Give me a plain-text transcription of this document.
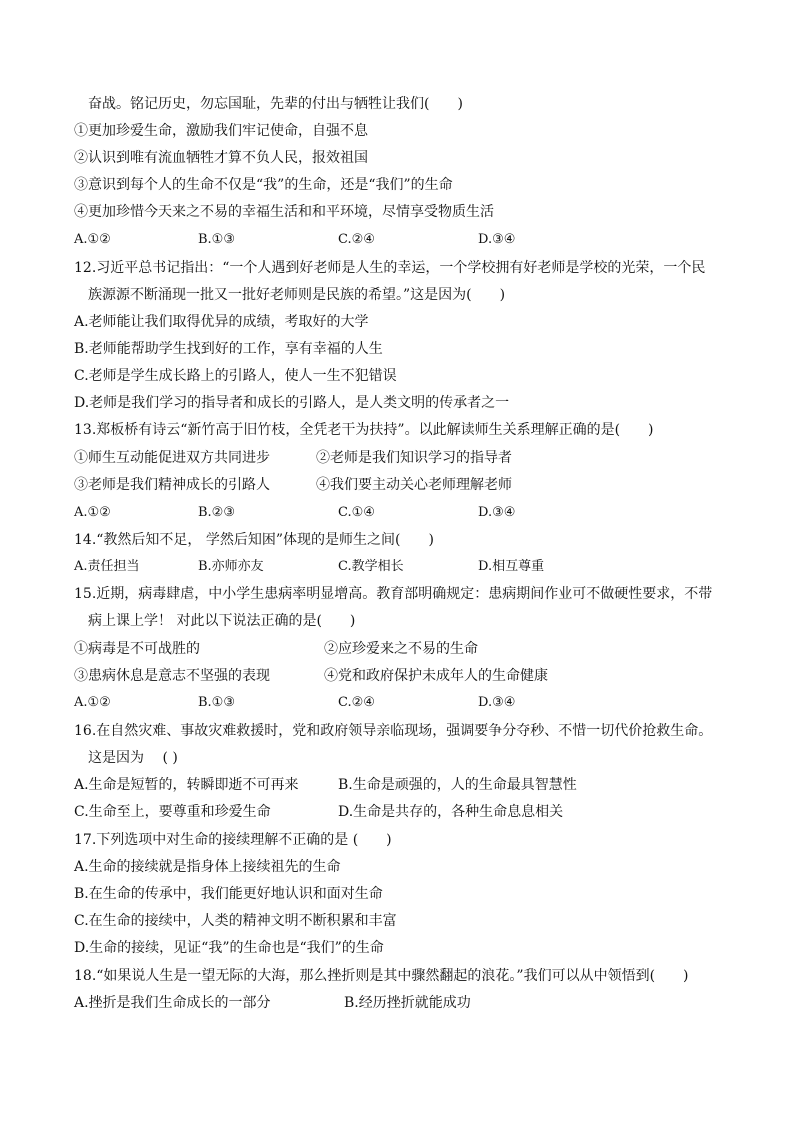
奋战。铭记历史，勿忘国耻，先辈的付出与牺牲让我们(　　)
①更加珍爱生命，激励我们牢记使命，自强不息
②认识到唯有流血牺牲才算不负人民，报效祖国
③意识到每个人的生命不仅是“我”的生命，还是“我们”的生命
④更加珍惜今天来之不易的幸福生活和和平环境，尽情享受物质生活
A.①②	B.①③	C.②④	D.③④
12.习近平总书记指出：“一个人遇到好老师是人生的幸运，一个学校拥有好老师是学校的光荣，一个民
族源源不断涌现一批又一批好老师则是民族的希望。”这是因为(　　)
A.老师能让我们取得优异的成绩，考取好的大学
B.老师能帮助学生找到好的工作，享有幸福的人生
C.老师是学生成长路上的引路人，使人一生不犯错误
D.老师是我们学习的指导者和成长的引路人，是人类文明的传承者之一
13.郑板桥有诗云“新竹高于旧竹枝，全凭老干为扶持”。以此解读师生关系理解正确的是(　　)
①师生互动能促进双方共同进步	②老师是我们知识学习的指导者
③老师是我们精神成长的引路人	④我们要主动关心老师理解老师
A.①②	B.②③	C.①④	D.③④
14.“教然后知不足， 学然后知困”体现的是师生之间(　　)
A.责任担当	B.亦师亦友	C.教学相长	D.相互尊重
15.近期，病毒肆虐，中小学生患病率明显增高。教育部明确规定：患病期间作业可不做硬性要求，不带
病上课上学！ 对此以下说法正确的是(　　)
①病毒是不可战胜的	②应珍爱来之不易的生命
③患病休息是意志不坚强的表现	④党和政府保护未成年人的生命健康
A.①②	B.①③	C.②④	D.③④
16.在自然灾难、事故灾难救援时，党和政府领导亲临现场，强调要争分夺秒、不惜一切代价抢救生命。
这是因为　 ( )
A.生命是短暂的，转瞬即逝不可再来	B.生命是顽强的，人的生命最具智慧性
C.生命至上，要尊重和珍爱生命	D.生命是共存的，各种生命息息相关
17.下列选项中对生命的接续理解不正确的是 (　　)
A.生命的接续就是指身体上接续祖先的生命
B.在生命的传承中，我们能更好地认识和面对生命
C.在生命的接续中，人类的精神文明不断积累和丰富
D.生命的接续，见证“我”的生命也是“我们”的生命
18.“如果说人生是一望无际的大海，那么挫折则是其中骤然翻起的浪花。”我们可以从中领悟到(　　)
A.挫折是我们生命成长的一部分	B.经历挫折就能成功
